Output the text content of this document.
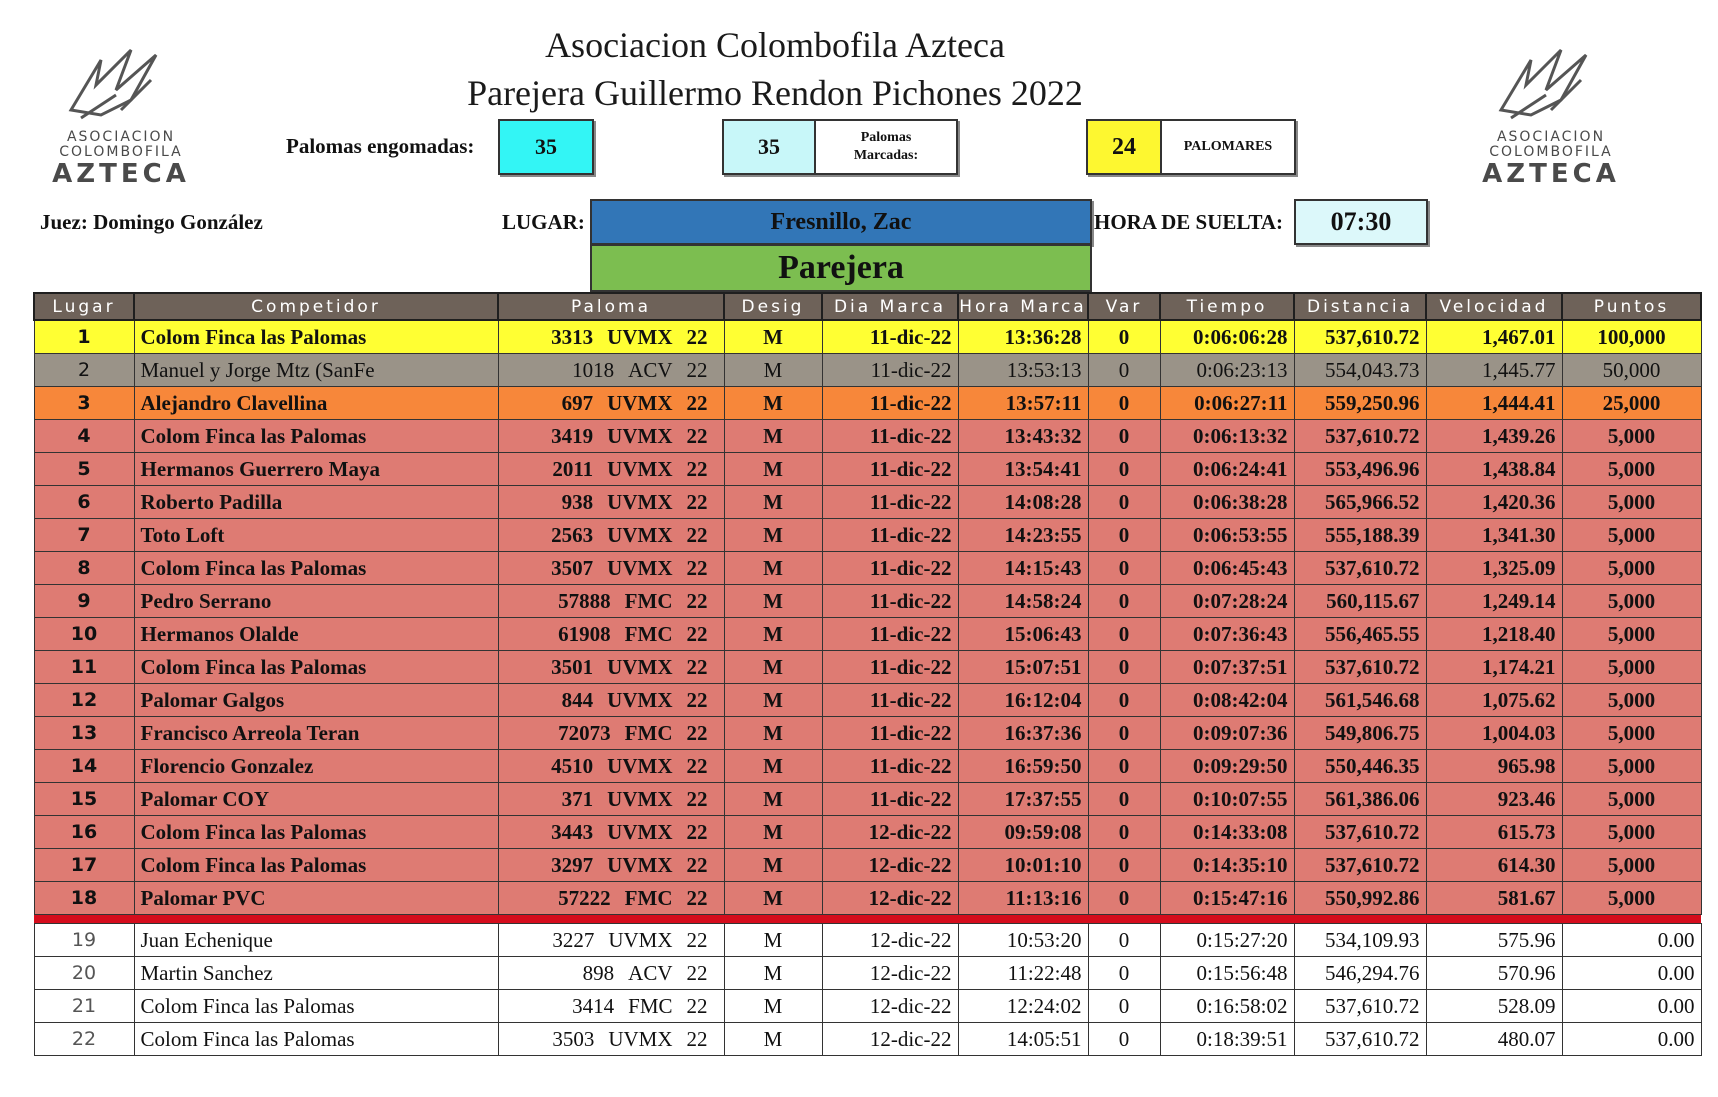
ASOCIACION
COLOMBOFILA
AZTECA
ASOCIACION
COLOMBOFILA
AZTECA
Asociacion Colombofila Azteca
Parejera Guillermo Rendon Pichones 2022
Palomas engomadas:	35	35	Palomas
Marcadas:	24	PALOMARES
Juez: Domingo González	LUGAR:	Fresnillo, Zac	HORA DE SUELTA:	07:30
Parejera
Lugar	Competidor	Paloma	Desig	Dia Marca	Hora Marca	Var	Tiempo	Distancia	Velocidad	Puntos
1	Colom Finca las Palomas	3313 UVMX 22	M	11-dic-22	13:36:28	0	0:06:06:28	537,610.72	1,467.01	100,000
2	Manuel y Jorge Mtz (SanFe	1018 ACV 22	M	11-dic-22	13:53:13	0	0:06:23:13	554,043.73	1,445.77	50,000
3	Alejandro Clavellina	697 UVMX 22	M	11-dic-22	13:57:11	0	0:06:27:11	559,250.96	1,444.41	25,000
4	Colom Finca las Palomas	3419 UVMX 22	M	11-dic-22	13:43:32	0	0:06:13:32	537,610.72	1,439.26	5,000
5	Hermanos Guerrero Maya	2011 UVMX 22	M	11-dic-22	13:54:41	0	0:06:24:41	553,496.96	1,438.84	5,000
6	Roberto Padilla	938 UVMX 22	M	11-dic-22	14:08:28	0	0:06:38:28	565,966.52	1,420.36	5,000
7	Toto Loft	2563 UVMX 22	M	11-dic-22	14:23:55	0	0:06:53:55	555,188.39	1,341.30	5,000
8	Colom Finca las Palomas	3507 UVMX 22	M	11-dic-22	14:15:43	0	0:06:45:43	537,610.72	1,325.09	5,000
9	Pedro Serrano	57888 FMC 22	M	11-dic-22	14:58:24	0	0:07:28:24	560,115.67	1,249.14	5,000
10	Hermanos Olalde	61908 FMC 22	M	11-dic-22	15:06:43	0	0:07:36:43	556,465.55	1,218.40	5,000
11	Colom Finca las Palomas	3501 UVMX 22	M	11-dic-22	15:07:51	0	0:07:37:51	537,610.72	1,174.21	5,000
12	Palomar Galgos	844 UVMX 22	M	11-dic-22	16:12:04	0	0:08:42:04	561,546.68	1,075.62	5,000
13	Francisco Arreola Teran	72073 FMC 22	M	11-dic-22	16:37:36	0	0:09:07:36	549,806.75	1,004.03	5,000
14	Florencio Gonzalez	4510 UVMX 22	M	11-dic-22	16:59:50	0	0:09:29:50	550,446.35	965.98	5,000
15	Palomar COY	371 UVMX 22	M	11-dic-22	17:37:55	0	0:10:07:55	561,386.06	923.46	5,000
16	Colom Finca las Palomas	3443 UVMX 22	M	12-dic-22	09:59:08	0	0:14:33:08	537,610.72	615.73	5,000
17	Colom Finca las Palomas	3297 UVMX 22	M	12-dic-22	10:01:10	0	0:14:35:10	537,610.72	614.30	5,000
18	Palomar PVC	57222 FMC 22	M	12-dic-22	11:13:16	0	0:15:47:16	550,992.86	581.67	5,000

19	Juan Echenique	3227 UVMX 22	M	12-dic-22	10:53:20	0	0:15:27:20	534,109.93	575.96	0.00
20	Martin Sanchez	898 ACV 22	M	12-dic-22	11:22:48	0	0:15:56:48	546,294.76	570.96	0.00
21	Colom Finca las Palomas	3414 FMC 22	M	12-dic-22	12:24:02	0	0:16:58:02	537,610.72	528.09	0.00
22	Colom Finca las Palomas	3503 UVMX 22	M	12-dic-22	14:05:51	0	0:18:39:51	537,610.72	480.07	0.00
